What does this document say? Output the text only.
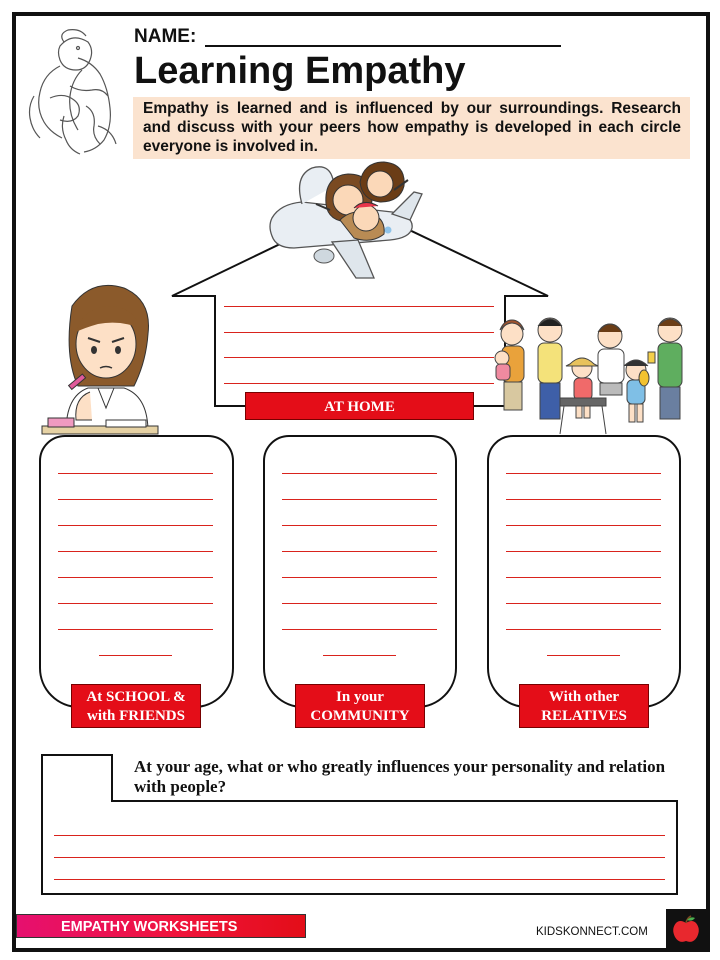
NAME:
Learning Empathy
Empathy is learned and is influenced by our surroundings. Research and discuss with your peers how empathy is developed in each circle everyone is involved in.
AT HOME
At SCHOOL &
with FRIENDS
In your
COMMUNITY
With other
RELATIVES
At your age, what or who greatly influences your personality and relation with people?
EMPATHY WORKSHEETS	KIDSKONNECT.COM
